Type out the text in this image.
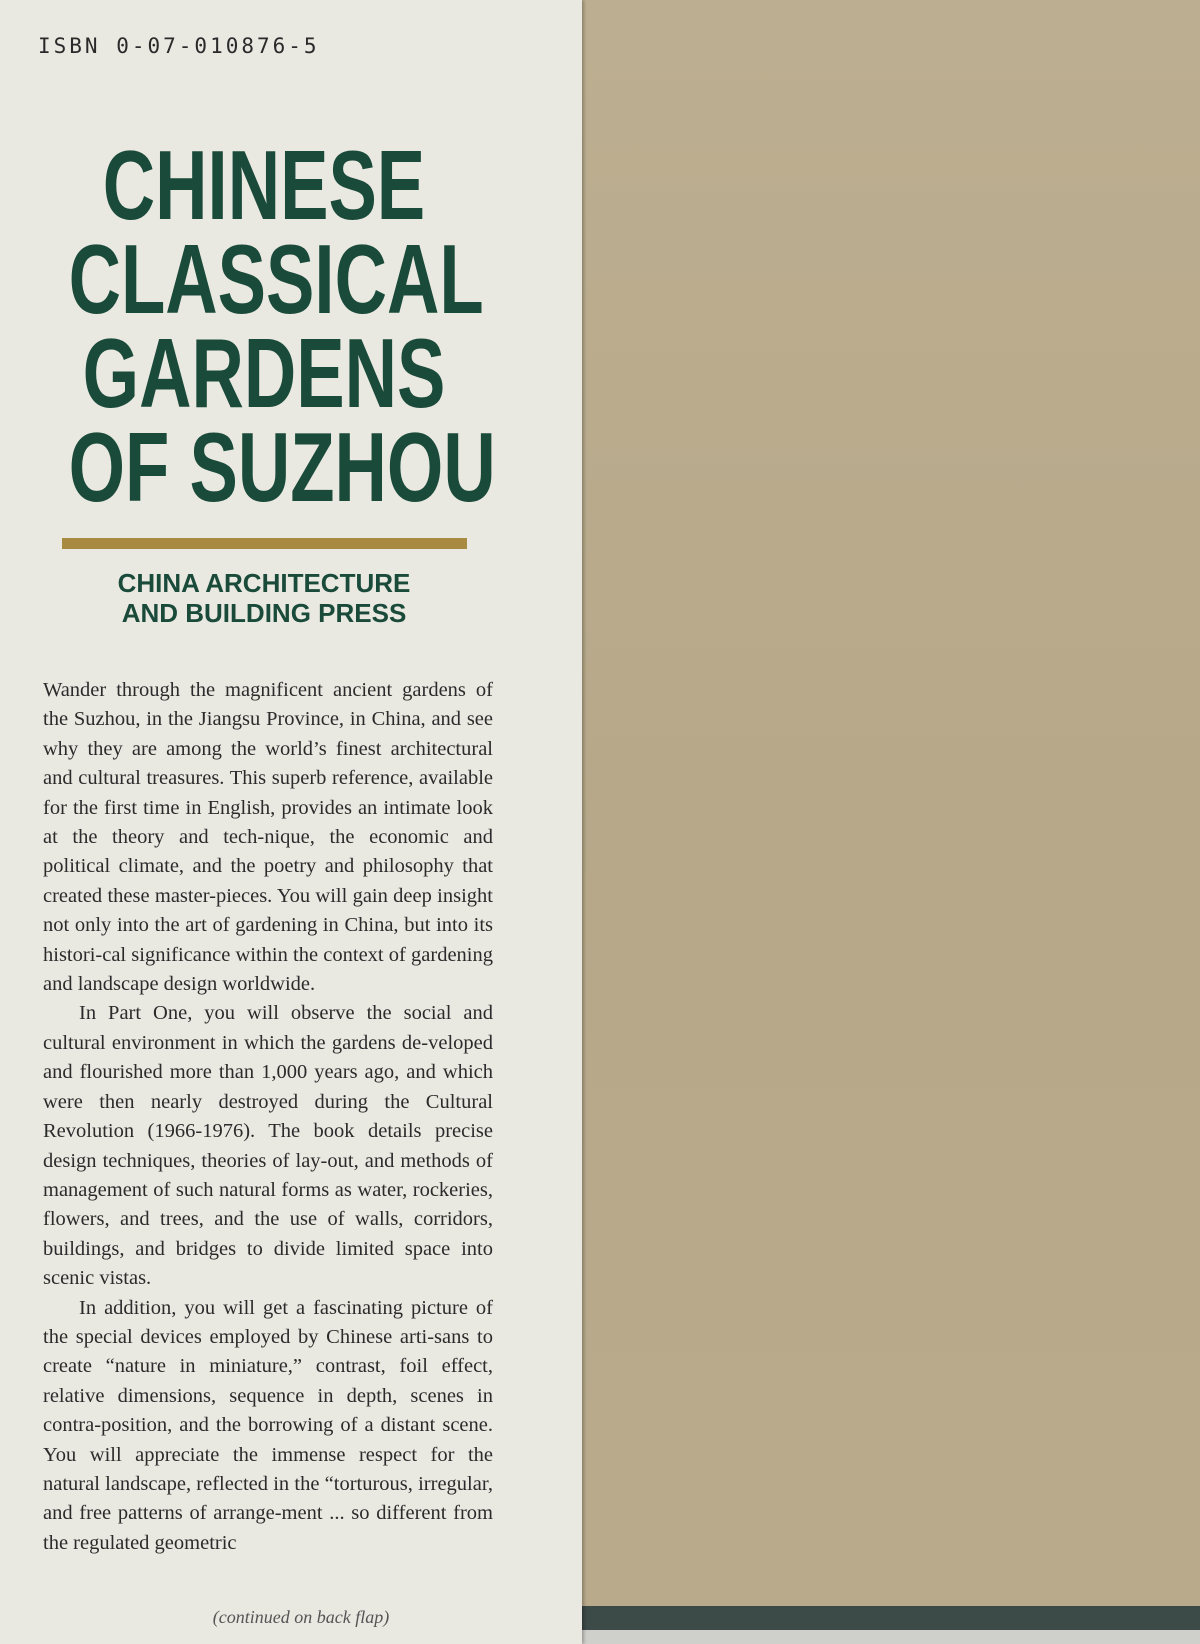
ISBN 0-07-010876-5
CHINESE
CLASSICAL
GARDENS
OF SUZHOU
CHINA ARCHITECTURE
AND BUILDING PRESS

Wander through the magnificent ancient gardens of the Suzhou, in the Jiangsu Province, in China, and see why they are among the world’s finest architectural and cultural treasures. This superb reference, available for the first time in English, provides an intimate look at the theory and tech-nique, the economic and political climate, and the poetry and philosophy that created these master-pieces. You will gain deep insight not only into the art of gardening in China, but into its histori-cal significance within the context of gardening and landscape design worldwide.

In Part One, you will observe the social and cultural environment in which the gardens de-veloped and flourished more than 1,000 years ago, and which were then nearly destroyed during the Cultural Revolution (1966-1976). The book details precise design techniques, theories of lay-out, and methods of management of such natural forms as water, rockeries, flowers, and trees, and the use of walls, corridors, buildings, and bridges to divide limited space into scenic vistas.

In addition, you will get a fascinating picture of the special devices employed by Chinese arti-sans to create “nature in miniature,” contrast, foil effect, relative dimensions, sequence in depth, scenes in contra-position, and the borrowing of a distant scene. You will appreciate the immense respect for the natural landscape, reflected in the “torturous, irregular, and free patterns of arrange-ment ... so different from the regulated geometric

(continued on back flap)
